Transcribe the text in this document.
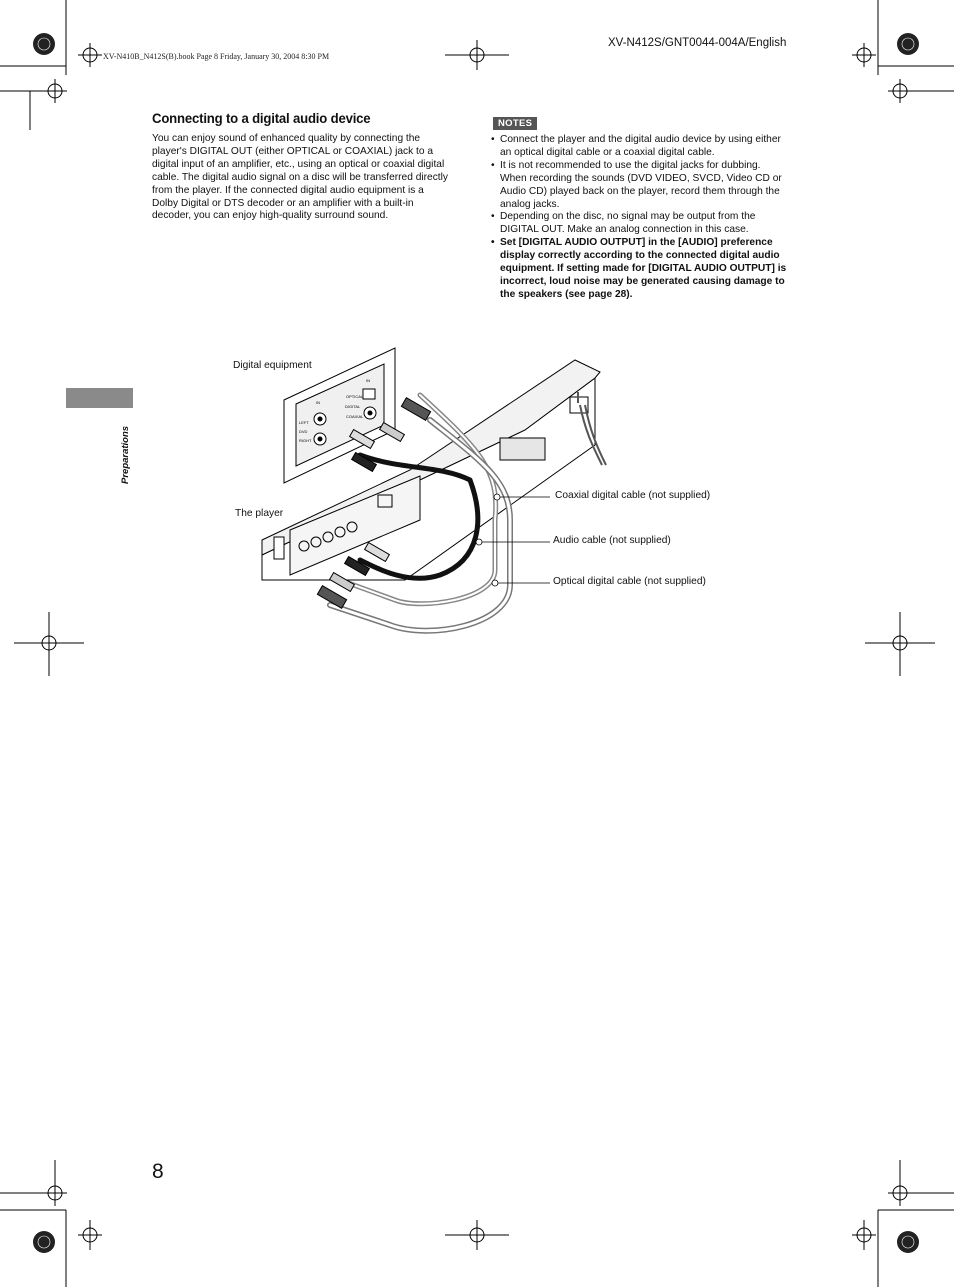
XV-N410B_N412S(B).book Page 8 Friday, January 30, 2004 8:30 PM
XV-N412S/GNT0044-004A/English
Connecting to a digital audio device
You can enjoy sound of enhanced quality by connecting the
player's DIGITAL OUT (either OPTICAL or COAXIAL) jack to a
digital input of an amplifier, etc., using an optical or coaxial digital
cable. The digital audio signal on a disc will be transferred directly
from the player. If the connected digital audio equipment is a
Dolby Digital or DTS decoder or an amplifier with a built-in
decoder, you can enjoy high-quality surround sound.
NOTES
• Connect the player and the digital audio device by using either
an optical digital cable or a coaxial digital cable.
• It is not recommended to use the digital jacks for dubbing.
When recording the sounds (DVD VIDEO, SVCD, Video CD or
Audio CD) played back on the player, record them through the
analog jacks.
• Depending on the disc, no signal may be output from the
DIGITAL OUT. Make an analog connection in this case.
• Set [DIGITAL AUDIO OUTPUT] in the [AUDIO] preference
display correctly according to the connected digital audio
equipment. If setting made for [DIGITAL AUDIO OUTPUT] is
incorrect, loud noise may be generated causing damage to
the speakers (see page 28).
Preparations
IN
LEFT
DVD
RIGHT
IN
OPTICAL
DIGITAL
COAXIAL
Digital equipment
The player
Coaxial digital cable (not supplied)
Audio cable (not supplied)
Optical digital cable (not supplied)
8
